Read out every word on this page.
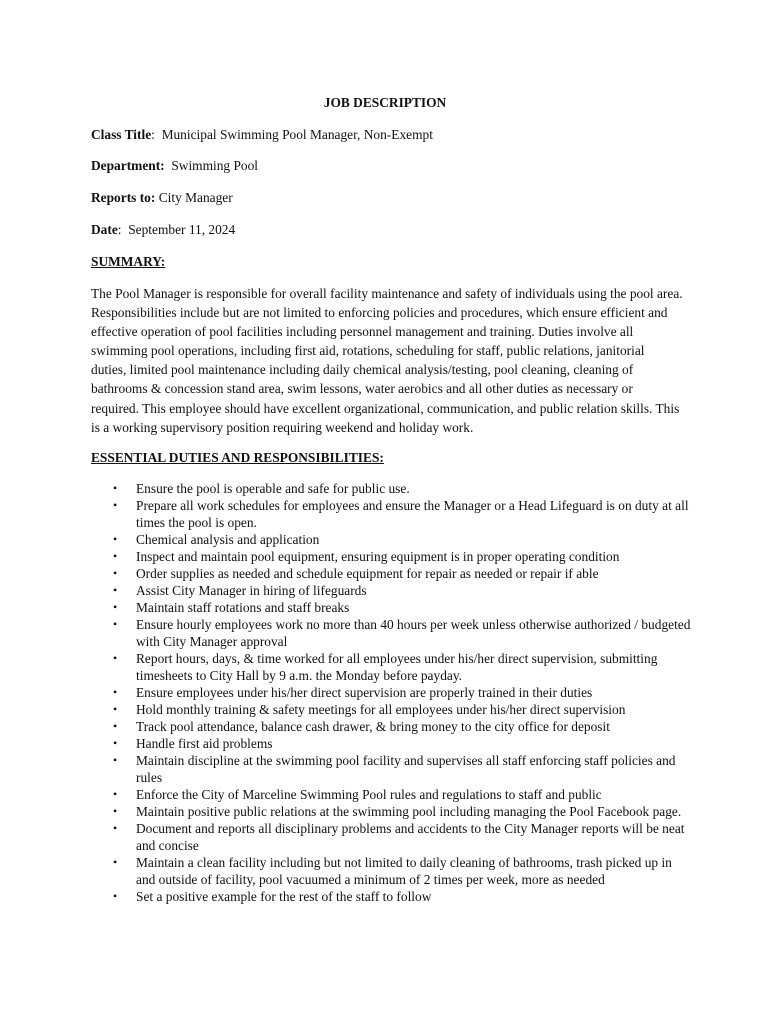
JOB DESCRIPTION

Class Title:  Municipal Swimming Pool Manager, Non-Exempt

Department: Swimming Pool

Reports to: City Manager

Date:  September 11, 2024

SUMMARY:

The Pool Manager is responsible for overall facility maintenance and safety of individuals using the pool area. Responsibilities include but are not limited to enforcing policies and procedures, which ensure efficient and effective operation of pool facilities including personnel management and training. Duties involve all swimming pool operations, including first aid, rotations, scheduling for staff, public relations, janitorial duties, limited pool maintenance including daily chemical analysis/testing, pool cleaning, cleaning of bathrooms & concession stand area, swim lessons, water aerobics and all other duties as necessary or required. This employee should have excellent organizational, communication, and public relation skills. This is a working supervisory position requiring weekend and holiday work.

ESSENTIAL DUTIES AND RESPONSIBILITIES:
• Ensure the pool is operable and safe for public use.
• Prepare all work schedules for employees and ensure the Manager or a Head Lifeguard is on duty at all times the pool is open.
• Chemical analysis and application
• Inspect and maintain pool equipment, ensuring equipment is in proper operating condition
• Order supplies as needed and schedule equipment for repair as needed or repair if able
• Assist City Manager in hiring of lifeguards
• Maintain staff rotations and staff breaks
• Ensure hourly employees work no more than 40 hours per week unless otherwise authorized / budgeted with City Manager approval
• Report hours, days, & time worked for all employees under his/her direct supervision, submitting timesheets to City Hall by 9 a.m. the Monday before payday.
• Ensure employees under his/her direct supervision are properly trained in their duties
• Hold monthly training & safety meetings for all employees under his/her direct supervision
• Track pool attendance, balance cash drawer, & bring money to the city office for deposit
• Handle first aid problems
• Maintain discipline at the swimming pool facility and supervises all staff enforcing staff policies and rules
• Enforce the City of Marceline Swimming Pool rules and regulations to staff and public
• Maintain positive public relations at the swimming pool including managing the Pool Facebook page.
• Document and reports all disciplinary problems and accidents to the City Manager reports will be neat and concise
• Maintain a clean facility including but not limited to daily cleaning of bathrooms, trash picked up in and outside of facility, pool vacuumed a minimum of 2 times per week, more as needed
• Set a positive example for the rest of the staff to follow
